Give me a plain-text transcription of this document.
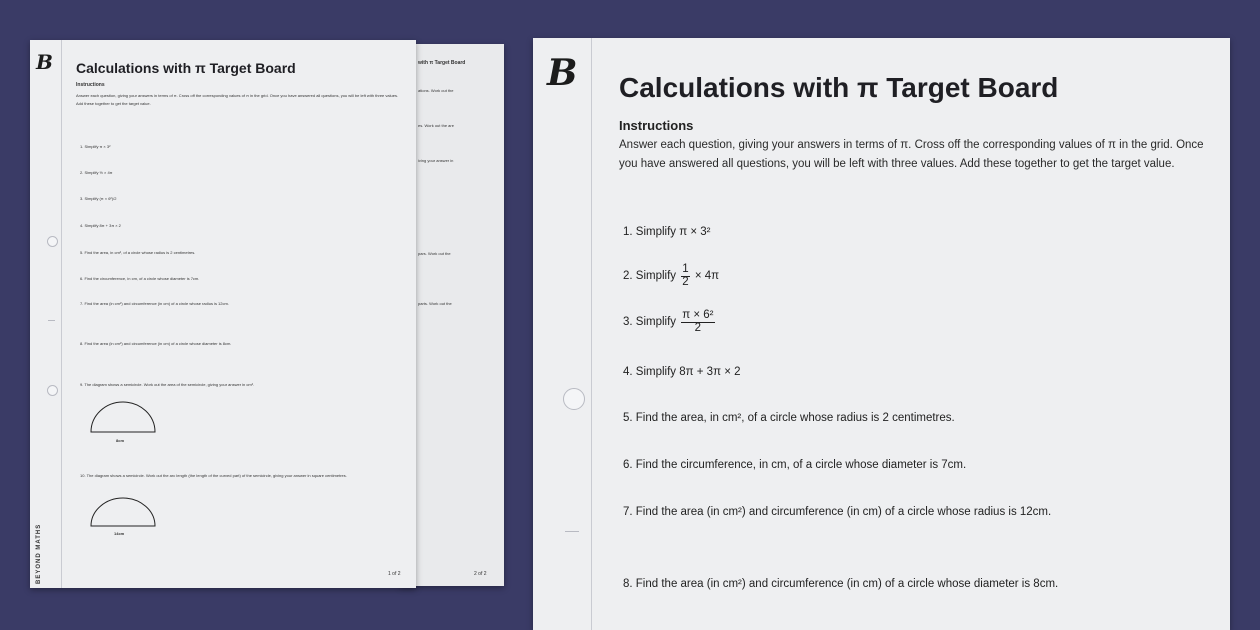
with π Target Board
ations. Work out the
es. Work out the are
iving your answer in
pars. Work out the
parts. Work out the
2 of 2
B
BEYOND MATHS
Calculations with π Target Board
Instructions
Answer each question, giving your answers in terms of π. Cross off the corresponding values of π in the grid. Once you have answered all questions, you will be left with three values. Add these together to get the target value.
1. Simplify π × 3²
2. Simplify ½ × 4π
3. Simplify (π × 6²)/2
4. Simplify 8π + 3π × 2
5. Find the area, in cm², of a circle whose radius is 2 centimetres.
6. Find the circumference, in cm, of a circle whose diameter is 7cm.
7. Find the area (in cm²) and circumference (in cm) of a circle whose radius is 12cm.
8. Find the area (in cm²) and circumference (in cm) of a circle whose diameter is 8cm.
9. The diagram shows a semicircle. Work out the area of the semicircle, giving your answer in cm².
8cm
10. The diagram shows a semicircle. Work out the arc length (the length of the curved part) of the semicircle, giving your answer in square centimetres.
14cm
1 of 2
B Calculations with π Target Board
Instructions
Answer each question, giving your answers in terms of π. Cross off the corresponding values of π in the grid. Once you have answered all questions, you will be left with three values. Add these together to get the target value.
1. Simplify π × 3²
2. Simplify $\frac{1}{2} \times 4\pi$
3. Simplify $\frac{\text{π × 6²}}{2}$
4. Simplify 8π + 3π × 2
5. Find the area, in cm², of a circle whose radius is 2 centimetres.
6. Find the circumference, in cm, of a circle whose diameter is 7cm.
7. Find the area (in cm²) and circumference (in cm) of a circle whose radius is 12cm.
8. Find the area (in cm²) and circumference (in cm) of a circle whose diameter is 8cm.
